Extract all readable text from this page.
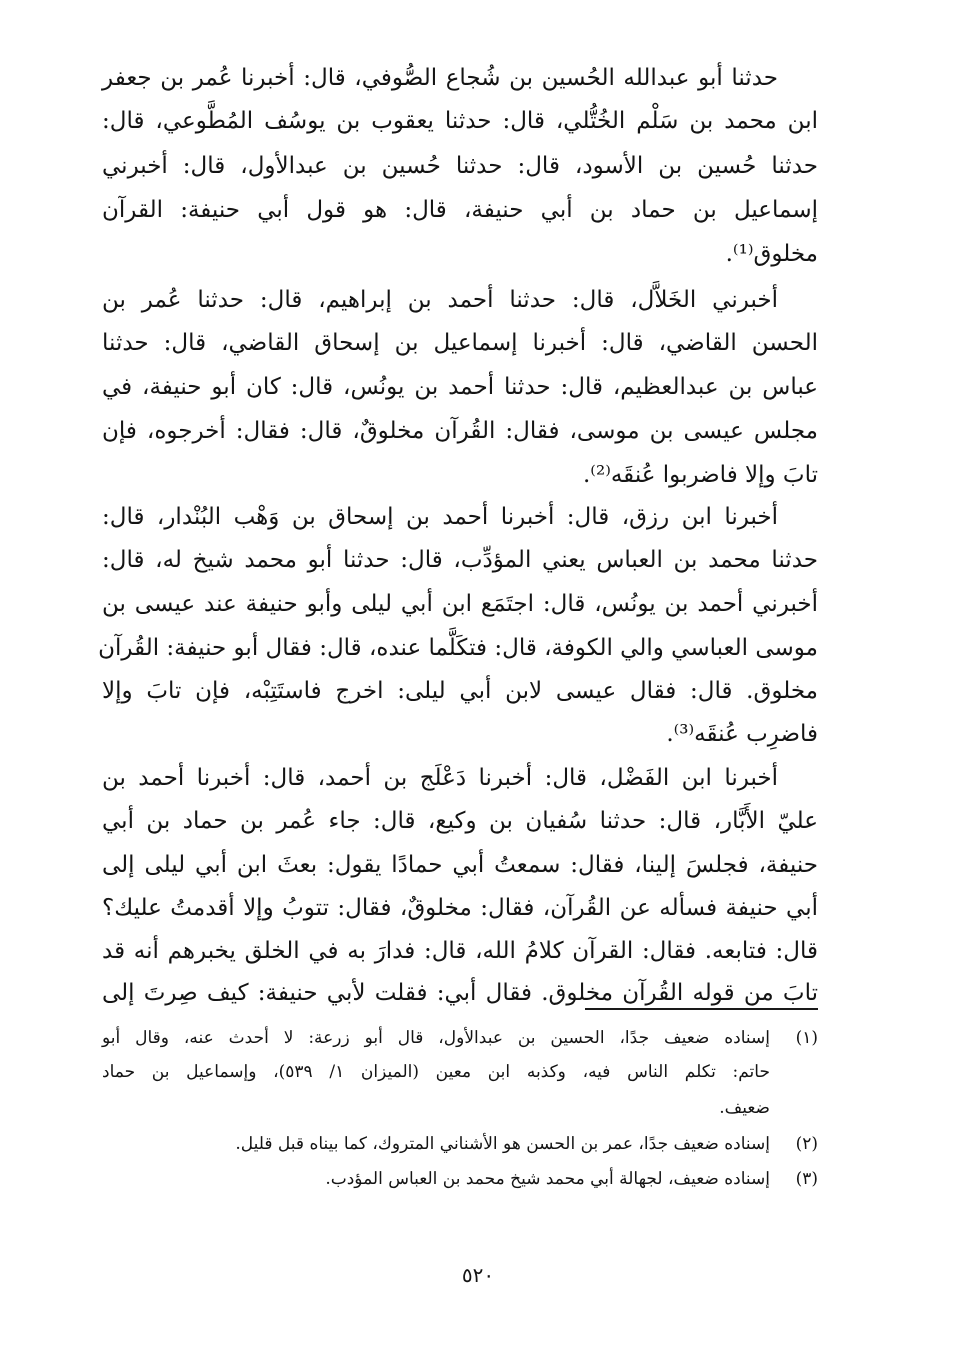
حدثنا أبو عبدالله الحُسين بن شُجاع الصُّوفي، قال: أخبرنا عُمر بن جعفر
ابن محمد بن سَلْم الخُتُّلي، قال: حدثنا يعقوب بن يوسُف المُطَّوعي، قال:
حدثنا حُسين بن الأسود، قال: حدثنا حُسين بن عبدالأول، قال: أخبرني
إسماعيل بن حماد بن أبي حنيفة، قال: هو قول أبي حنيفة: القرآن
مخلوق⁽¹⁾.
أخبرني الخَلاَّل، قال: حدثنا أحمد بن إبراهيم، قال: حدثنا عُمر بن
الحسن القاضي، قال: أخبرنا إسماعيل بن إسحاق القاضي، قال: حدثنا
عباس بن عبدالعظيم، قال: حدثنا أحمد بن يونُس، قال: كان أبو حنيفة، في
مجلس عيسى بن موسى، فقال: القُرآن مخلوقٌ، قال: فقال: أخرجوه، فإن
تابَ وإلا فاضربوا عُنقَه⁽²⁾.
أخبرنا ابن رزق، قال: أخبرنا أحمد بن إسحاق بن وَهْب البُنْدار، قال:
حدثنا محمد بن العباس يعني المؤدِّب، قال: حدثنا أبو محمد شيخ له، قال:
أخبرني أحمد بن يونُس، قال: اجتَمَع ابن أبي ليلى وأبو حنيفة عند عيسى بن
موسى العباسي والي الكوفة، قال: فتكَلَّما عنده، قال: فقال أبو حنيفة: القُرآن
مخلوق. قال: فقال عيسى لابن أبي ليلى: اخرج فاستَتِبْه، فإن تابَ وإلا
فاضرِب عُنقَه⁽³⁾.
أخبرنا ابن الفَضْل، قال: أخبرنا دَعْلَج بن أحمد، قال: أخبرنا أحمد بن
عليّ الأَبَّار، قال: حدثنا سُفيان بن وكيع، قال: جاء عُمر بن حماد بن أبي
حنيفة، فجلسَ إلينا، فقال: سمعتُ أبي حمادًا يقول: بعثَ ابن أبي ليلى إلى
أبي حنيفة فسأله عن القُرآن، فقال: مخلوقٌ، فقال: تتوبُ وإلا أقدمتُ عليك؟
قال: فتابعه. فقال: القرآن كلامُ الله، قال: فدارَ به في الخلق يخبرهم أنه قد
تابَ من قوله القُرآن مخلوق. فقال أبي: فقلت لأبي حنيفة: كيف صِرتَ إلى
(١)
إسناده ضعيف جدًا، الحسين بن عبدالأول، قال أبو زرعة: لا أحدث عنه، وقال أبو
حاتم: تكلم الناس فيه، وكذبه ابن معين (الميزان ١/ ٥٣٩)، وإسماعيل بن حماد
ضعيف.
(٢)
إسناده ضعيف جدًا، عمر بن الحسن هو الأشناني المتروك، كما بيناه قبل قليل.
(٣)
إسناده ضعيف، لجهالة أبي محمد شيخ محمد بن العباس المؤدب.
٥٢٠
